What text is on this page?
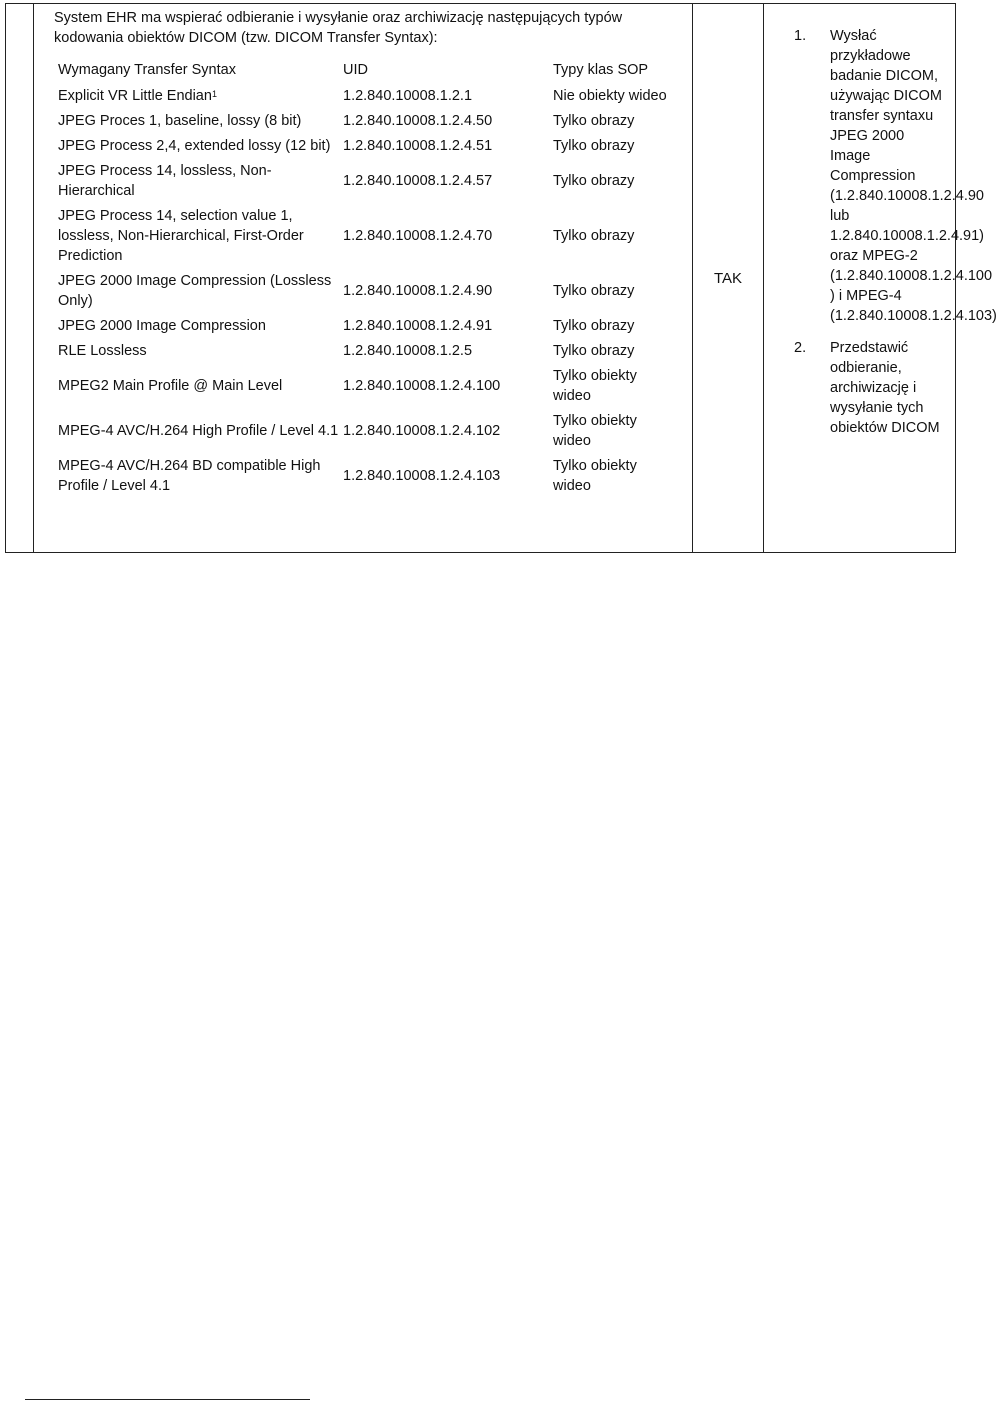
System EHR ma wspierać odbieranie i wysyłanie oraz archiwizację następujących typów kodowania obiektów DICOM (tzw. DICOM Transfer Syntax):
Wymagany Transfer Syntax	UID	Typy klas SOP
Explicit VR Little Endian$^1$	1.2.840.10008.1.2.1	Nie obiekty wideo
JPEG Proces 1, baseline, lossy (8 bit)	1.2.840.10008.1.2.4.50	Tylko obrazy
JPEG Process 2,4, extended lossy (12 bit)	1.2.840.10008.1.2.4.51	Tylko obrazy
JPEG Process 14, lossless, Non-Hierarchical	1.2.840.10008.1.2.4.57	Tylko obrazy
JPEG Process 14, selection value 1, lossless, Non-Hierarchical, First-Order Prediction	1.2.840.10008.1.2.4.70	Tylko obrazy
JPEG 2000 Image Compression (Lossless Only)	1.2.840.10008.1.2.4.90	Tylko obrazy
JPEG 2000 Image Compression	1.2.840.10008.1.2.4.91	Tylko obrazy
RLE Lossless	1.2.840.10008.1.2.5	Tylko obrazy
MPEG2 Main Profile @ Main Level	1.2.840.10008.1.2.4.100	Tylko obiekty wideo
MPEG-4 AVC/H.264 High Profile / Level 4.1	1.2.840.10008.1.2.4.102	Tylko obiekty wideo
MPEG-4 AVC/H.264 BD compatible High Profile / Level 4.1	1.2.840.10008.1.2.4.103	Tylko obiekty wideo
	TAK	
1. Wysłać przykładowe badanie DICOM, używając DICOM transfer syntaxu JPEG 2000 Image Compression (1.2.840.10008.1.2.4.90 lub 1.2.840.10008.1.2.4.91) oraz MPEG-2 (1.2.840.10008.1.2.4.100 ) i MPEG-4 (1.2.840.10008.1.2.4.103)
2. Przedstawić odbieranie, archiwizację i wysyłanie tych obiektów DICOM
